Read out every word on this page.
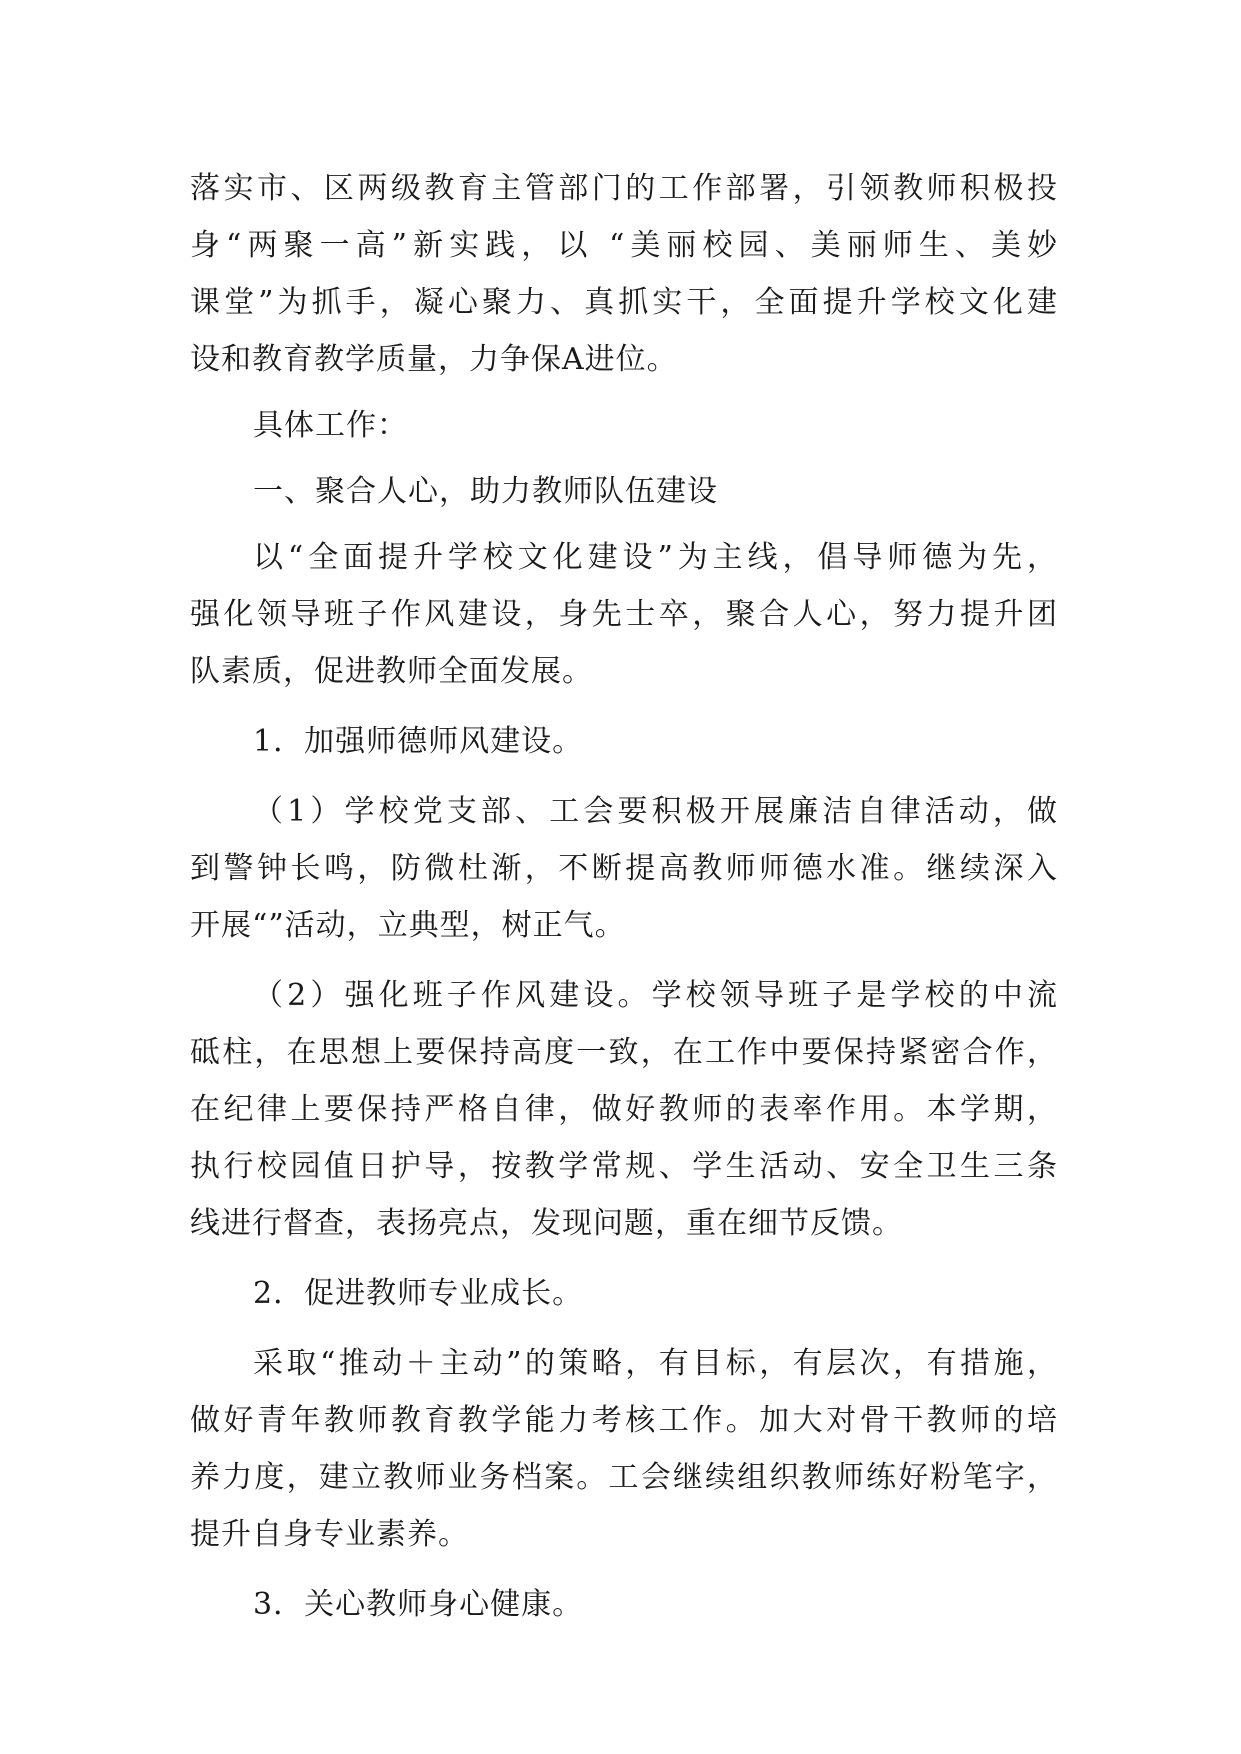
落实市、区两级教育主管部门的工作部署，引领教师积极投
身“两聚一高”新实践，以 “美丽校园、美丽师生、美妙
课堂”为抓手，凝心聚力、真抓实干，全面提升学校文化建
设和教育教学质量，力争保A进位。
具体工作：
一、聚合人心，助力教师队伍建设
以“全面提升学校文化建设”为主线，倡导师德为先，
强化领导班子作风建设，身先士卒，聚合人心，努力提升团
队素质，促进教师全面发展。
1．加强师德师风建设。
（1）学校党支部、工会要积极开展廉洁自律活动，做
到警钟长鸣，防微杜渐，不断提高教师师德水准。继续深入
开展“”活动，立典型，树正气。
（2）强化班子作风建设。学校领导班子是学校的中流
砥柱，在思想上要保持高度一致，在工作中要保持紧密合作，
在纪律上要保持严格自律，做好教师的表率作用。本学期，
执行校园值日护导，按教学常规、学生活动、安全卫生三条
线进行督查，表扬亮点，发现问题，重在细节反馈。
2．促进教师专业成长。
采取“推动＋主动”的策略，有目标，有层次，有措施，
做好青年教师教育教学能力考核工作。加大对骨干教师的培
养力度，建立教师业务档案。工会继续组织教师练好粉笔字，
提升自身专业素养。
3．关心教师身心健康。
